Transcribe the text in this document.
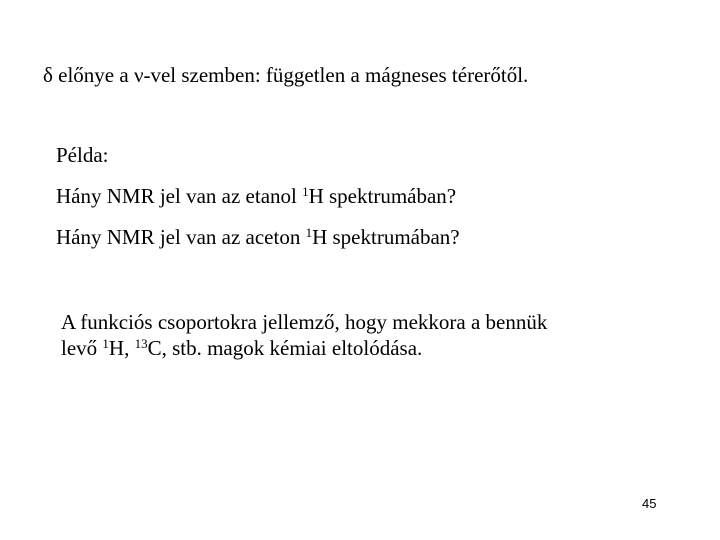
δ előnye a ν-vel szemben: független a mágneses térerőtől.
Példa:
Hány NMR jel van az etanol $^1$H spektrumában?
Hány NMR jel van az aceton $^1$H spektrumában?
A funkciós csoportokra jellemző, hogy mekkora a bennük
levő $^1$H, $^{13}$C, stb. magok kémiai eltolódása.
45
